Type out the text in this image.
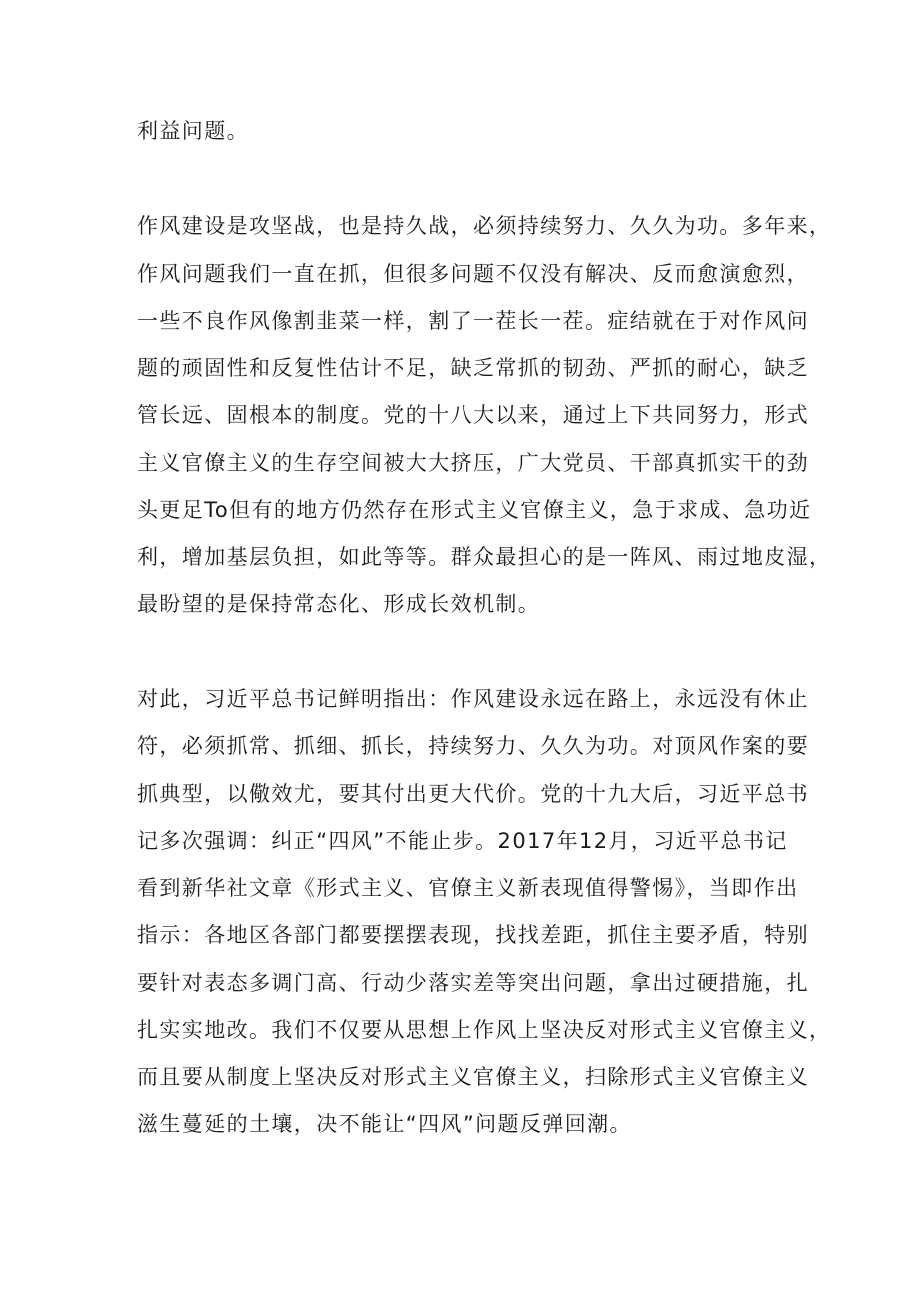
利益问题。
作风建设是攻坚战，也是持久战，必须持续努力、久久为功。多年来，
作风问题我们一直在抓，但很多问题不仅没有解决、反而愈演愈烈，
一些不良作风像割韭菜一样，割了一茬长一茬。症结就在于对作风问
题的顽固性和反复性估计不足，缺乏常抓的韧劲、严抓的耐心，缺乏
管长远、固根本的制度。党的十八大以来，通过上下共同努力，形式
主义官僚主义的生存空间被大大挤压，广大党员、干部真抓实干的劲
头更足To但有的地方仍然存在形式主义官僚主义，急于求成、急功近
利，增加基层负担，如此等等。群众最担心的是一阵风、雨过地皮湿，
最盼望的是保持常态化、形成长效机制。
对此，习近平总书记鲜明指出：作风建设永远在路上，永远没有休止
符，必须抓常、抓细、抓长，持续努力、久久为功。对顶风作案的要
抓典型，以儆效尤，要其付出更大代价。党的十九大后，习近平总书
记多次强调：纠正“四风”不能止步。2017年12月，习近平总书记
看到新华社文章《形式主义、官僚主义新表现值得警惕》，当即作出
指示：各地区各部门都要摆摆表现，找找差距，抓住主要矛盾，特别
要针对表态多调门高、行动少落实差等突出问题，拿出过硬措施，扎
扎实实地改。我们不仅要从思想上作风上坚决反对形式主义官僚主义，
而且要从制度上坚决反对形式主义官僚主义，扫除形式主义官僚主义
滋生蔓延的土壤，决不能让“四风”问题反弹回潮。
